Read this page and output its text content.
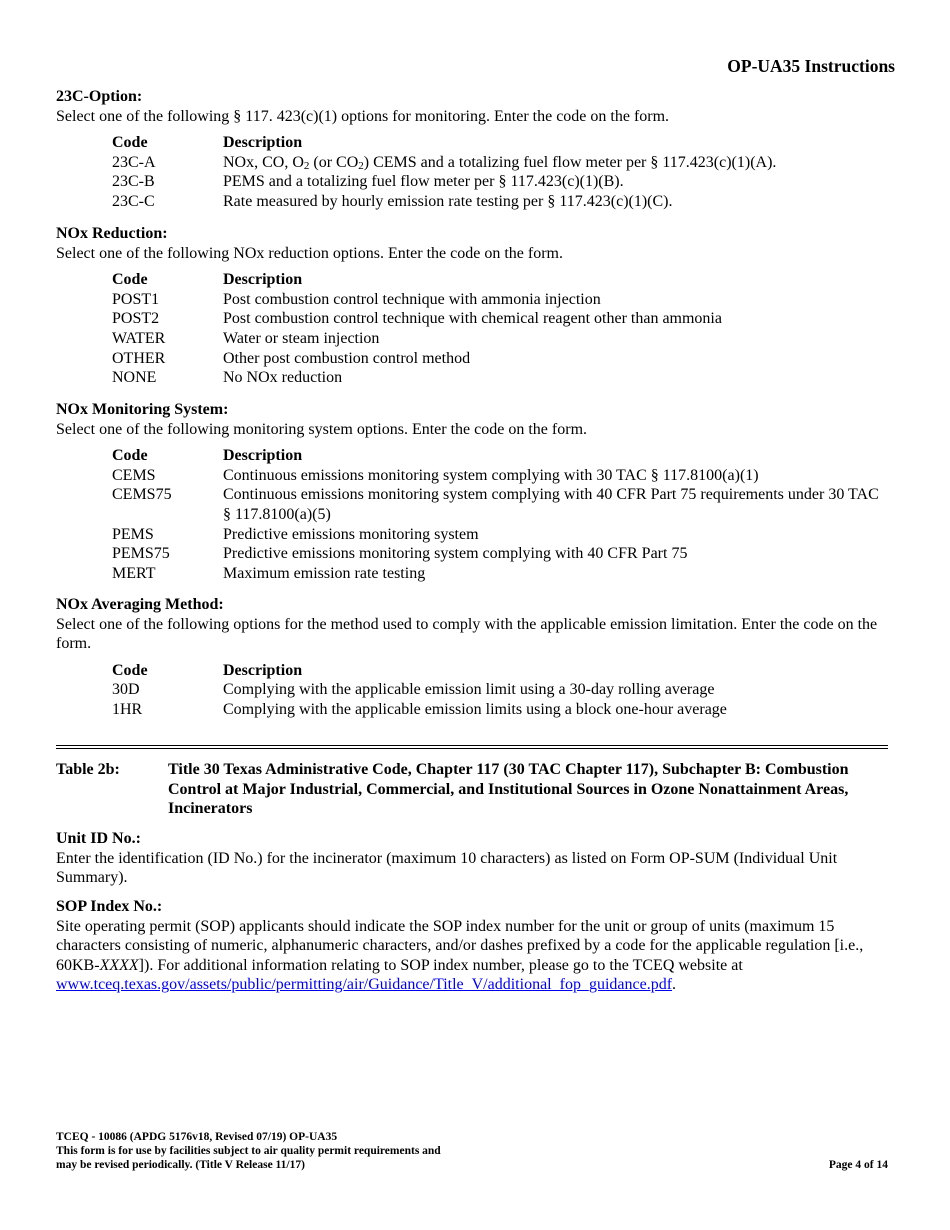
OP-UA35 Instructions
23C-Option:

Select one of the following § 117. 423(c)(1) options for monitoring. Enter the code on the form.

Code	Description
23C-A	NOx, CO, $O_2$ (or $CO_2$) CEMS and a totalizing fuel flow meter per § 117.423(c)(1)(A).
23C-B	PEMS and a totalizing fuel flow meter per § 117.423(c)(1)(B).
23C-C	Rate measured by hourly emission rate testing per § 117.423(c)(1)(C).
NOx Reduction:

Select one of the following NOx reduction options. Enter the code on the form.

Code	Description
POST1	Post combustion control technique with ammonia injection
POST2	Post combustion control technique with chemical reagent other than ammonia
WATER	Water or steam injection
OTHER	Other post combustion control method
NONE	No NOx reduction
NOx Monitoring System:

Select one of the following monitoring system options. Enter the code on the form.

Code	Description
CEMS	Continuous emissions monitoring system complying with 30 TAC § 117.8100(a)(1)
CEMS75	Continuous emissions monitoring system complying with 40 CFR Part 75 requirements under 30 TAC § 117.8100(a)(5)
PEMS	Predictive emissions monitoring system
PEMS75	Predictive emissions monitoring system complying with 40 CFR Part 75
MERT	Maximum emission rate testing
NOx Averaging Method:

Select one of the following options for the method used to comply with the applicable emission limitation. Enter the code on the form.

Code	Description
30D	Complying with the applicable emission limit using a 30-day rolling average
1HR	Complying with the applicable emission limits using a block one-hour average
Table 2b:	Title 30 Texas Administrative Code, Chapter 117 (30 TAC Chapter 117), Subchapter B: Combustion Control at Major Industrial, Commercial, and Institutional Sources in Ozone Nonattainment Areas, Incinerators
Unit ID No.:

Enter the identification (ID No.) for the incinerator (maximum 10 characters) as listed on Form OP-SUM (Individual Unit Summary).

SOP Index No.:

Site operating permit (SOP) applicants should indicate the SOP index number for the unit or group of units (maximum 15 characters consisting of numeric, alphanumeric characters, and/or dashes prefixed by a code for the applicable regulation [i.e., 60KB-XXXX]). For additional information relating to SOP index number, please go to the TCEQ website at www.tceq.texas.gov/assets/public/permitting/air/Guidance/Title_V/additional_fop_guidance.pdf.

TCEQ - 10086 (APDG 5176v18, Revised 07/19) OP-UA35
This form is for use by facilities subject to air quality permit requirements and
may be revised periodically. (Title V Release 11/17)	Page 4 of 14
